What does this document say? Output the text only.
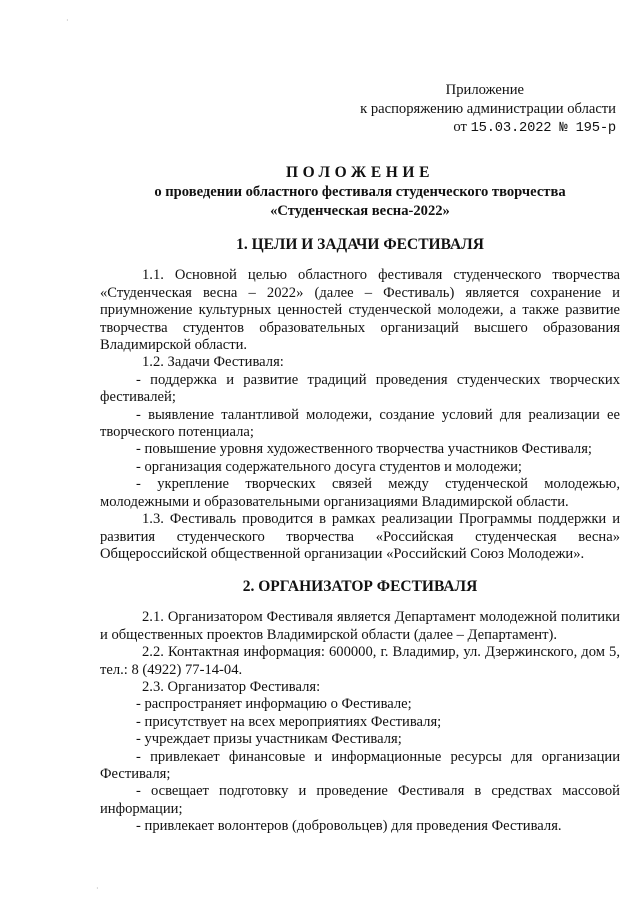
·
·
Приложение
к распоряжению администрации области
от 15.03.2022 № 195-р
ПОЛОЖЕНИЕ
о проведении областного фестиваля студенческого творчества
«Студенческая весна-2022»
1. ЦЕЛИ И ЗАДАЧИ ФЕСТИВАЛЯ

1.1. Основной целью областного фестиваля студенческого творчества «Студенческая весна – 2022» (далее – Фестиваль) является сохранение и приумножение культурных ценностей студенческой молодежи, а также развитие творчества студентов образовательных организаций высшего образования Владимирской области.

1.2. Задачи Фестиваля:

- поддержка и развитие традиций проведения студенческих творческих фестивалей;

- выявление талантливой молодежи, создание условий для реализации ее творческого потенциала;

- повышение уровня художественного творчества участников Фестиваля;

- организация содержательного досуга студентов и молодежи;

- укрепление творческих связей между студенческой молодежью, молодежными и образовательными организациями Владимирской области.

1.3. Фестиваль проводится в рамках реализации Программы поддержки и развития студенческого творчества «Российская студенческая весна» Общероссийской общественной организации «Российский Союз Молодежи».

2. ОРГАНИЗАТОР ФЕСТИВАЛЯ

2.1. Организатором Фестиваля является Департамент молодежной политики и общественных проектов Владимирской области (далее – Департамент).

2.2. Контактная информация: 600000, г. Владимир, ул. Дзержинского, дом 5, тел.: 8 (4922) 77-14-04.

2.3. Организатор Фестиваля:

- распространяет информацию о Фестивале;

- присутствует на всех мероприятиях Фестиваля;

- учреждает призы участникам Фестиваля;

- привлекает финансовые и информационные ресурсы для организации Фестиваля;

- освещает подготовку и проведение Фестиваля в средствах массовой информации;

- привлекает волонтеров (добровольцев) для проведения Фестиваля.
